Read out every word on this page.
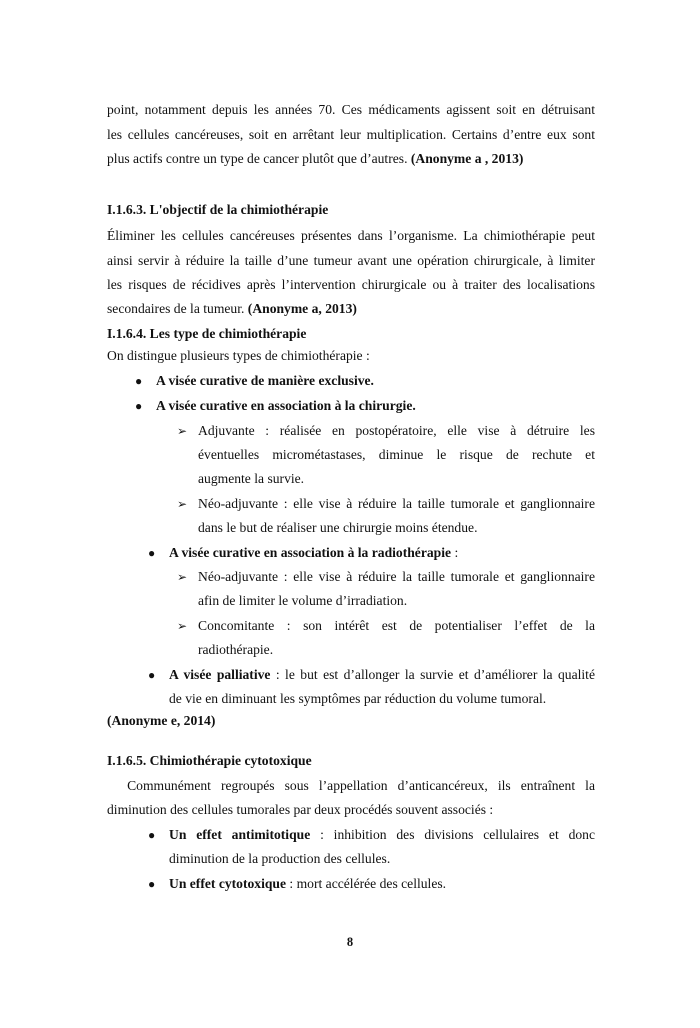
point, notamment depuis les années 70. Ces médicaments agissent soit en détruisant
les cellules cancéreuses, soit en arrêtant leur multiplication. Certains d’entre eux sont
plus actifs contre un type de cancer plutôt que d’autres. (Anonyme a , 2013)
I.1.6.3. L'objectif de la chimiothérapie
Éliminer les cellules cancéreuses présentes dans l’organisme. La chimiothérapie peut
ainsi servir à réduire la taille d’une tumeur avant une opération chirurgicale, à limiter
les risques de récidives après l’intervention chirurgicale ou à traiter des localisations
secondaires de la tumeur. (Anonyme a, 2013)
I.1.6.4. Les type de chimiothérapie
On distingue plusieurs types de chimiothérapie :
● A visée curative de manière exclusive.
● A visée curative en association à la chirurgie.
➢ Adjuvante : réalisée en postopératoire, elle vise à détruire les
éventuelles micrométastases, diminue le risque de rechute et
augmente la survie.
➢ Néo-adjuvante : elle vise à réduire la taille tumorale et ganglionnaire
dans le but de réaliser une chirurgie moins étendue.
● A visée curative en association à la radiothérapie :
➢ Néo-adjuvante : elle vise à réduire la taille tumorale et ganglionnaire
afin de limiter le volume d’irradiation.
➢ Concomitante : son intérêt est de potentialiser l’effet de la
radiothérapie.
● A visée palliative : le but est d’allonger la survie et d’améliorer la qualité
de vie en diminuant les symptômes par réduction du volume tumoral.
(Anonyme e, 2014)
I.1.6.5. Chimiothérapie cytotoxique
Communément regroupés sous l’appellation d’anticancéreux, ils entraînent la
diminution des cellules tumorales par deux procédés souvent associés :
● Un effet antimitotique : inhibition des divisions cellulaires et donc
diminution de la production des cellules.
● Un effet cytotoxique : mort accélérée des cellules.
8
